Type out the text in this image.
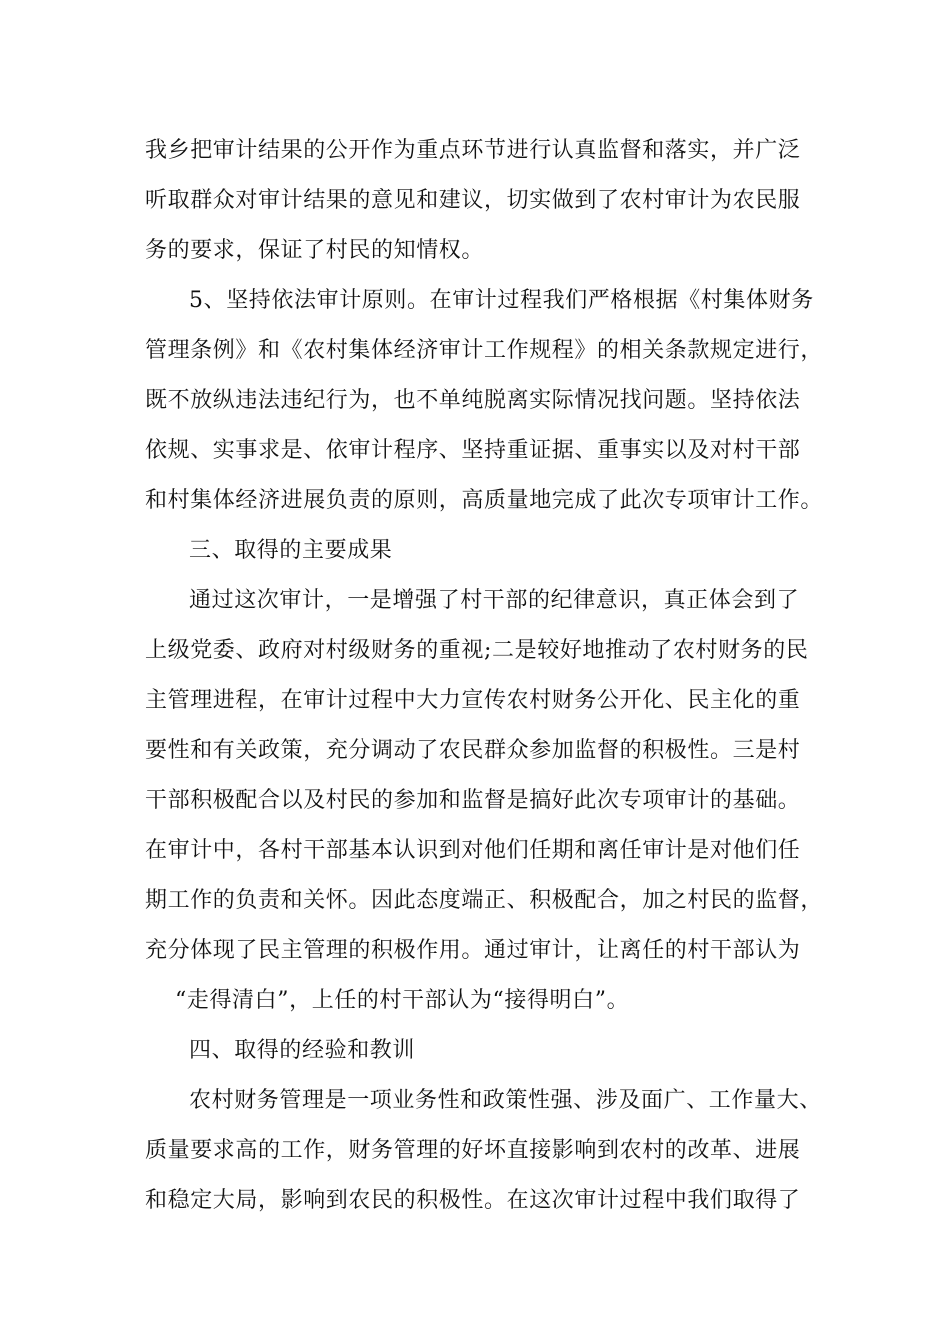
我乡把审计结果的公开作为重点环节进行认真监督和落实，并广泛
听取群众对审计结果的意见和建议，切实做到了农村审计为农民服
务的要求，保证了村民的知情权。
5、坚持依法审计原则。在审计过程我们严格根据《村集体财务
管理条例》和《农村集体经济审计工作规程》的相关条款规定进行，
既不放纵违法违纪行为，也不单纯脱离实际情况找问题。坚持依法
依规、实事求是、依审计程序、坚持重证据、重事实以及对村干部
和村集体经济进展负责的原则，高质量地完成了此次专项审计工作。
三、取得的主要成果
通过这次审计，一是增强了村干部的纪律意识，真正体会到了
上级党委、政府对村级财务的重视;二是较好地推动了农村财务的民
主管理进程，在审计过程中大力宣传农村财务公开化、民主化的重
要性和有关政策，充分调动了农民群众参加监督的积极性。三是村
干部积极配合以及村民的参加和监督是搞好此次专项审计的基础。
在审计中，各村干部基本认识到对他们任期和离任审计是对他们任
期工作的负责和关怀。因此态度端正、积极配合，加之村民的监督，
充分体现了民主管理的积极作用。通过审计，让离任的村干部认为
“走得清白”，上任的村干部认为“接得明白”。
四、取得的经验和教训
农村财务管理是一项业务性和政策性强、涉及面广、工作量大、
质量要求高的工作，财务管理的好坏直接影响到农村的改革、进展
和稳定大局，影响到农民的积极性。在这次审计过程中我们取得了
